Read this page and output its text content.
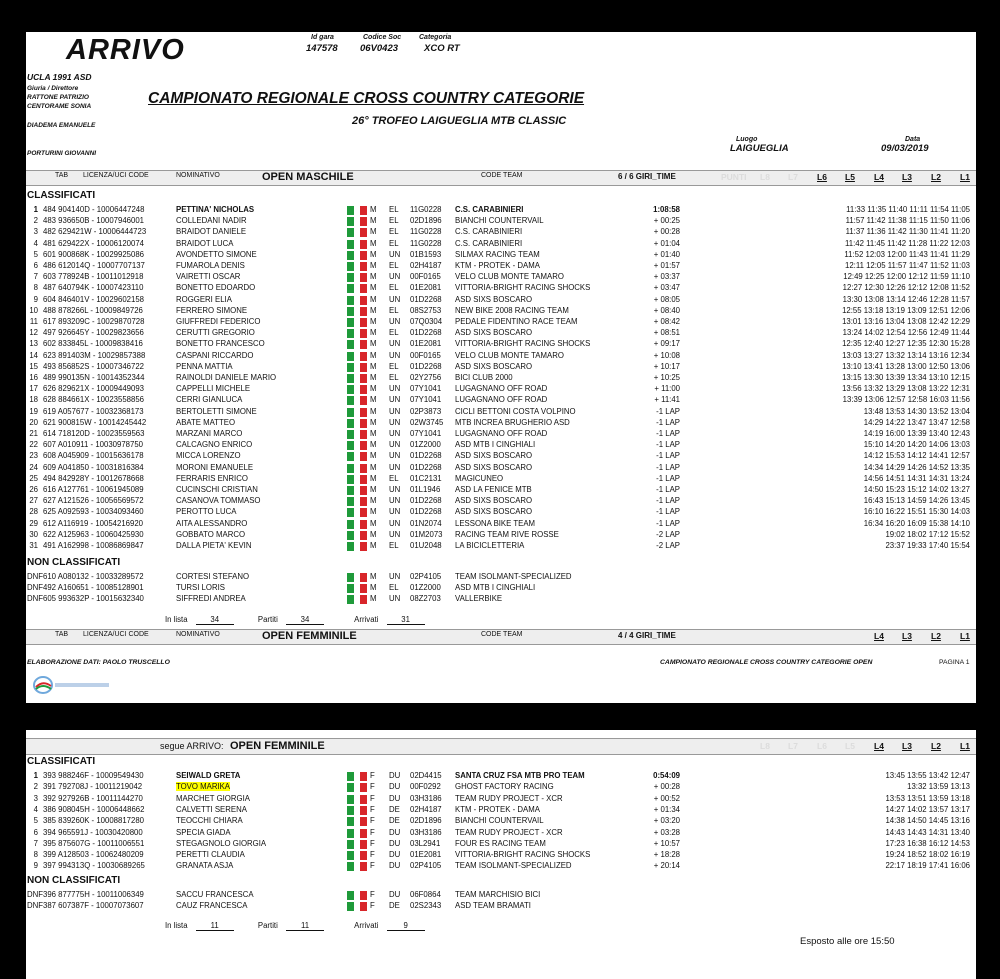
ARRIVO	Id gara
147578
Codice Soc
06V0423
Categoria
XCO RT
UCLA 1991 ASD
Giuria / Direttore
RATTONE PATRIZIO
CENTORAME SONIA
DIADEMA EMANUELE
PORTURINI GIOVANNI
CAMPIONATO REGIONALE CROSS COUNTRY CATEGORIE
26° TROFEO LAIGUEGLIA MTB CLASSIC
Luogo
LAIGUEGLIA
Data
09/03/2019
TAB LICENZA/UCI CODE	NOMINATIVO	OPEN MASCHILE	CODE TEAM	6 / 6 GIRI_TIME	PUNTI L8 L7 L6 L5 L4 L3 L2 L1
CLASSIFICATI
1 484 904140D - 10006447248	PETTINA' NICHOLAS	M EL 11G0228 C.S. CARABINIERI	1:08:58	11:33 11:35 11:40 11:11 11:54 11:05
2 483 936650B - 10007946001	COLLEDANI NADIR	M EL 02D1896 BIANCHI COUNTERVAIL	+ 00:25	11:57 11:42 11:38 11:15 11:50 11:06
3 482 629421W - 10006444723	BRAIDOT DANIELE	M EL 11G0228 C.S. CARABINIERI	+ 00:28	11:37 11:36 11:42 11:30 11:41 11:20
4 481 629422X - 10006120074	BRAIDOT LUCA	M EL 11G0228 C.S. CARABINIERI	+ 01:04	11:42 11:45 11:42 11:28 11:22 12:03
5 601 900868K - 10029925086	AVONDETTO SIMONE	M UN 01B1593 SILMAX RACING TEAM	+ 01:40	11:52 12:03 12:00 11:43 11:41 11:29
6 486 612014Q - 10007707137	FUMAROLA DENIS	M EL 02H4187 KTM - PROTEK - DAMA	+ 01:57	12:11 12:05 11:57 11:47 11:52 11:03
7 603 778924B - 10011012918	VAIRETTI OSCAR	M UN 00F0165 VELO CLUB MONTE TAMARO	+ 03:37	12:49 12:25 12:00 12:12 11:59 11:10
8 487 640794K - 10007423110	BONETTO EDOARDO	M EL 01E2081 VITTORIA-BRIGHT RACING SHOCKS	+ 03:47	12:27 12:30 12:26 12:12 12:08 11:52
9 604 846401V - 10029602158	ROGGERI ELIA	M UN 01D2268 ASD SIXS BOSCARO	+ 08:05	13:30 13:08 13:14 12:46 12:28 11:57
10 488 878266L - 10009849726	FERRERO SIMONE	M EL 08S2753 NEW BIKE 2008 RACING TEAM	+ 08:40	12:55 13:18 13:19 13:09 12:51 12:06
11 617 893209C - 10029870728	GIUFFREDI FEDERICO	M UN 07Q0304 PEDALE FIDENTINO RACE TEAM	+ 08:42	13:01 13:16 13:04 13:08 12:42 12:29
12 497 926645Y - 10029823656	CERUTTI GREGORIO	M EL 01D2268 ASD SIXS BOSCARO	+ 08:51	13:24 14:02 12:54 12:56 12:49 11:44
13 602 833845L - 10009838416	BONETTO FRANCESCO	M UN 01E2081 VITTORIA-BRIGHT RACING SHOCKS	+ 09:17	12:35 12:40 12:27 12:35 12:30 15:28
14 623 891403M - 10029857388	CASPANI RICCARDO	M UN 00F0165 VELO CLUB MONTE TAMARO	+ 10:08	13:03 13:27 13:32 13:14 13:16 12:34
15 493 856852S - 10007346722	PENNA MATTIA	M EL 01D2268 ASD SIXS BOSCARO	+ 10:17	13:10 13:41 13:28 13:00 12:50 13:06
16 489 990135N - 10014352344	RAINOLDI DANIELE MARIO	M EL 02Y2756 BICI CLUB 2000	+ 10:25	13:15 13:30 13:39 13:34 13:10 12:15
17 626 829621X - 10009449093	CAPPELLI MICHELE	M UN 07Y1041 LUGAGNANO OFF ROAD	+ 11:00	13:56 13:32 13:29 13:08 13:22 12:31
18 628 884661X - 10023558856	CERRI GIANLUCA	M UN 07Y1041 LUGAGNANO OFF ROAD	+ 11:41	13:39 13:06 12:57 12:58 16:03 11:56
19 619 A057677 - 10032368173	BERTOLETTI SIMONE	M UN 02P3873 CICLI BETTONI COSTA VOLPINO	-1 LAP	13:48 13:53 14:30 13:52 13:04
20 621 900815W - 10014245442	ABATE MATTEO	M UN 02W3745 MTB INCREA BRUGHERIO ASD	-1 LAP	14:29 14:22 13:47 13:47 12:58
21 614 718120D - 10023559563	MARZANI MARCO	M UN 07Y1041 LUGAGNANO OFF ROAD	-1 LAP	14:19 16:00 13:39 13:40 12:43
22 607 A010911 - 10030978750	CALCAGNO ENRICO	M UN 01Z2000 ASD MTB I CINGHIALI	-1 LAP	15:10 14:20 14:20 14:06 13:03
23 608 A045909 - 10015636178	MICCA LORENZO	M UN 01D2268 ASD SIXS BOSCARO	-1 LAP	14:12 15:53 14:12 14:41 12:57
24 609 A041850 - 10031816384	MORONI EMANUELE	M UN 01D2268 ASD SIXS BOSCARO	-1 LAP	14:34 14:29 14:26 14:52 13:35
25 494 842928Y - 10012678668	FERRARIS ENRICO	M EL 01C2131 MAGICUNEO	-1 LAP	14:56 14:51 14:31 14:31 13:24
26 616 A127761 - 10061945089	CUCINSCHI CRISTIAN	M UN 01L1946 ASD LA FENICE MTB	-1 LAP	14:50 15:23 15:12 14:02 13:27
27 627 A121526 - 10056569572	CASANOVA TOMMASO	M UN 01D2268 ASD SIXS BOSCARO	-1 LAP	16:43 15:13 14:59 14:26 13:45
28 625 A092593 - 10034093460	PEROTTO LUCA	M UN 01D2268 ASD SIXS BOSCARO	-1 LAP	16:10 16:22 15:51 15:30 14:03
29 612 A116919 - 10054216920	AITA ALESSANDRO	M UN 01N2074 LESSONA BIKE TEAM	-1 LAP	16:34 16:20 16:09 15:38 14:10
30 622 A125963 - 10060425930	GOBBATO MARCO	M UN 01M2073 RACING TEAM RIVE ROSSE	-2 LAP	19:02 18:02 17:12 15:52
31 491 A162998 - 10086869847	DALLA PIETA' KEVIN	M EL 01U2048 LA BICICLETTERIA	-2 LAP	23:37 19:33 17:40 15:54
NON CLASSIFICATI
DNF 610 A080132 - 10033289572	CORTESI STEFANO	M UN 02P4105 TEAM ISOLMANT-SPECIALIZED
DNF 492 A160651 - 10085128901	TURSI LORIS	M EL 01Z2000 ASD MTB I CINGHIALI
DNF 605 993632P - 10015632340	SIFFREDI ANDREA	M UN 08Z2703 VALLERBIKE
In lista	34	Partiti	34	Arrivati	31
TAB LICENZA/UCI CODE	NOMINATIVO	OPEN FEMMINILE	CODE TEAM	4 / 4 GIRI_TIME	L4 L3 L2 L1
ELABORAZIONE DATI: PAOLO TRUSCELLO	CAMPIONATO REGIONALE CROSS COUNTRY CATEGORIE OPEN	PAGINA 1
segue ARRIVO: OPEN FEMMINILE	L8 L7 L6 L5 L4 L3 L2 L1
CLASSIFICATI
1 393 988246F - 10009549430	SEIWALD GRETA	F DU 02D4415 SANTA CRUZ FSA MTB PRO TEAM	0:54:09	13:45 13:55 13:42 12:47
2 391 792708J - 10011219042	TOVO MARIKA	F DU 00F0292 GHOST FACTORY RACING	+ 00:28	13:32 13:59 13:13
3 392 927926B - 10011144270	MARCHET GIORGIA	F DU 03H3186 TEAM RUDY PROJECT - XCR	+ 00:52	13:53 13:51 13:59 13:18
4 386 908045H - 10006448662	CALVETTI SERENA	F DE 02H4187 KTM - PROTEK - DAMA	+ 01:34	14:27 14:02 13:57 13:17
5 385 839260K - 10008817280	TEOCCHI CHIARA	F DE 02D1896 BIANCHI COUNTERVAIL	+ 03:20	14:38 14:50 14:45 13:16
6 394 965591J - 10030420800	SPECIA GIADA	F DU 03H3186 TEAM RUDY PROJECT - XCR	+ 03:28	14:43 14:43 14:31 13:40
7 395 875607G - 10011006551	STEGAGNOLO GIORGIA	F DU 03L2941 FOUR ES RACING TEAM	+ 10:57	17:23 16:38 16:12 14:53
8 399 A128503 - 10062480209	PERETTI CLAUDIA	F DU 01E2081 VITTORIA-BRIGHT RACING SHOCKS	+ 18:28	19:24 18:52 18:02 16:19
9 397 994313Q - 10030689265	GRANATA ASJA	F DU 02P4105 TEAM ISOLMANT-SPECIALIZED	+ 20:14	22:17 18:19 17:41 16:06
NON CLASSIFICATI
DNF 396 877775H - 10011006349	SACCU FRANCESCA	F DU 06F0864 TEAM MARCHISIO BICI
DNF 387 607387F - 10007073607	CAUZ FRANCESCA	F DE 02S2343 ASD TEAM BRAMATI
In lista	11	Partiti	11	Arrivati	9
Esposto alle ore 15:50
